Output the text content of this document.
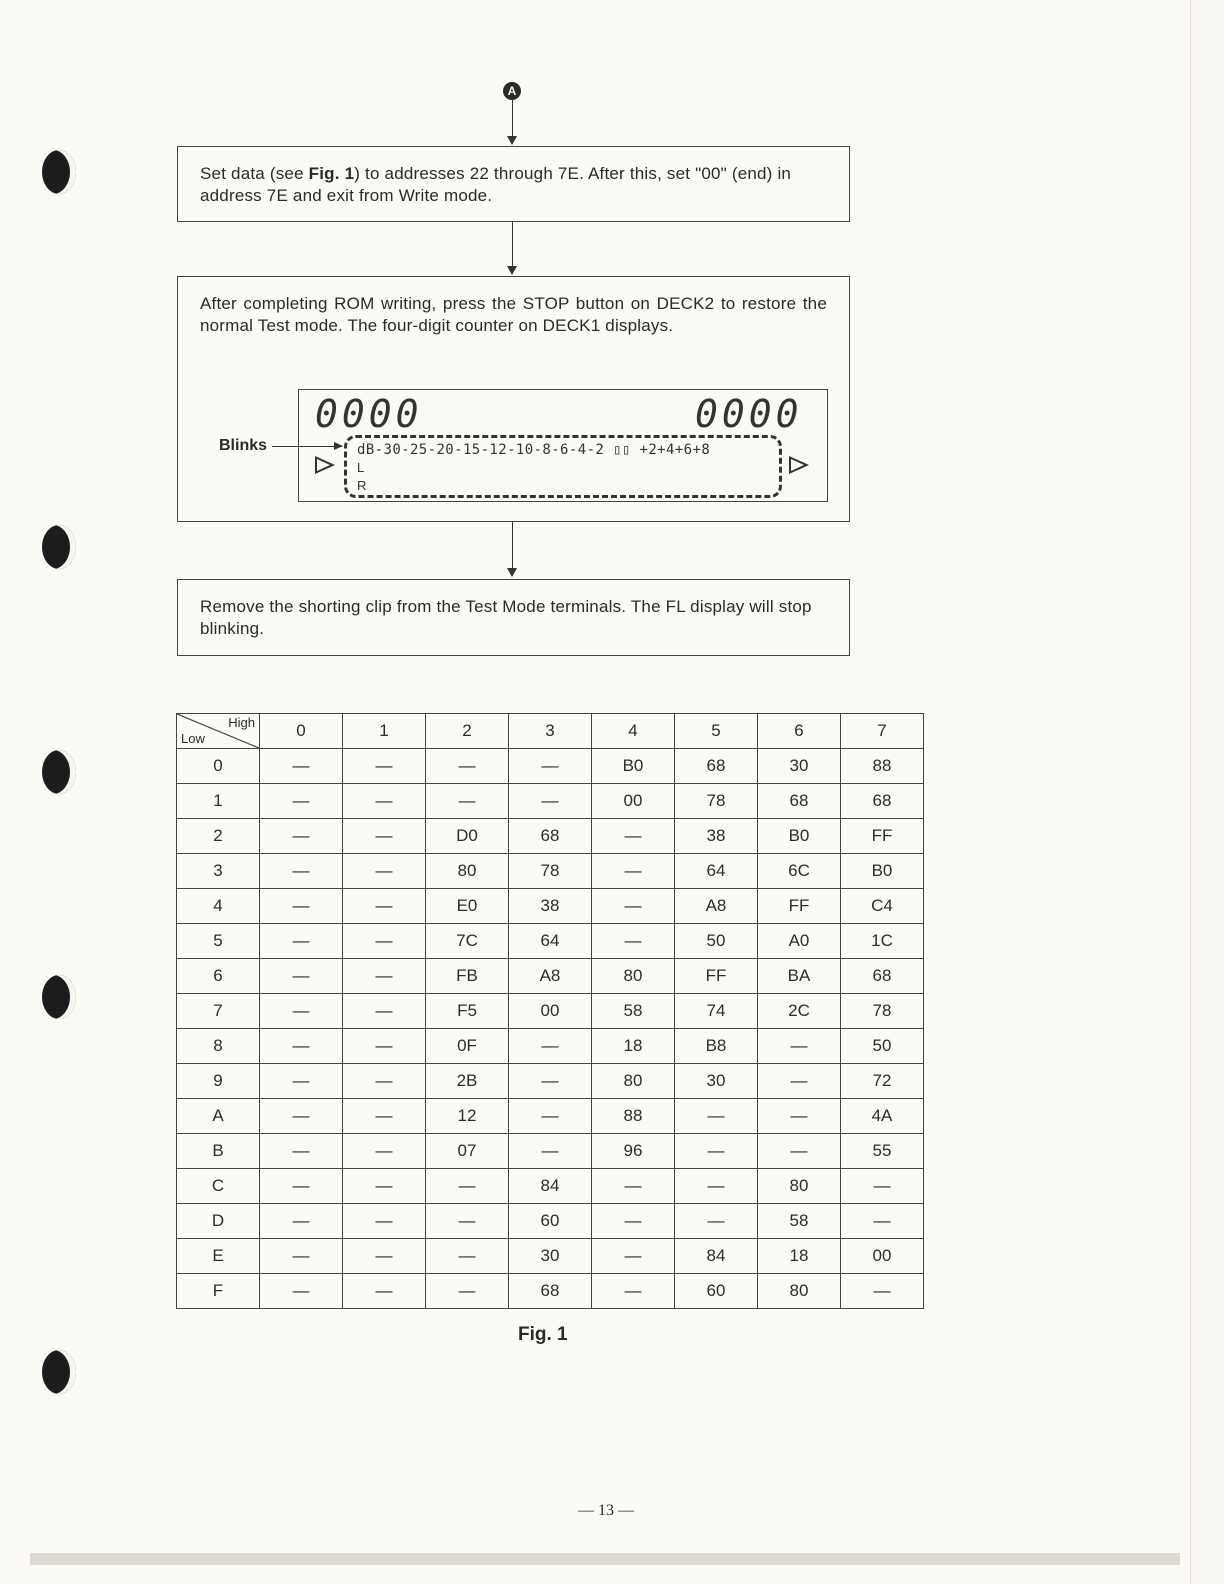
A

Set data (see Fig. 1) to addresses 22 through 7E. After this, set "00" (end) in address 7E and exit from Write mode.

After completing ROM writing, press the STOP button on DECK2 to restore the normal Test mode. The four-digit counter on DECK1 displays.

0000	0000
dB-30-25-20-15-12-10-8-6-4-2 ▯▯ +2+4+6+8
L
R
Blinks

Remove the shorting clip from the Test Mode terminals. The FL display will stop blinking.

High
Low	0	1	2	3	4	5	6	7
0	—	—	—	—	B0	68	30	88
1	—	—	—	—	00	78	68	68
2	—	—	D0	68	—	38	B0	FF
3	—	—	80	78	—	64	6C	B0
4	—	—	E0	38	—	A8	FF	C4
5	—	—	7C	64	—	50	A0	1C
6	—	—	FB	A8	80	FF	BA	68
7	—	—	F5	00	58	74	2C	78
8	—	—	0F	—	18	B8	—	50
9	—	—	2B	—	80	30	—	72
A	—	—	12	—	88	—	—	4A
B	—	—	07	—	96	—	—	55
C	—	—	—	84	—	—	80	—
D	—	—	—	60	—	—	58	—
E	—	—	—	30	—	84	18	00
F	—	—	—	68	—	60	80	—
Fig. 1
— 13 —
